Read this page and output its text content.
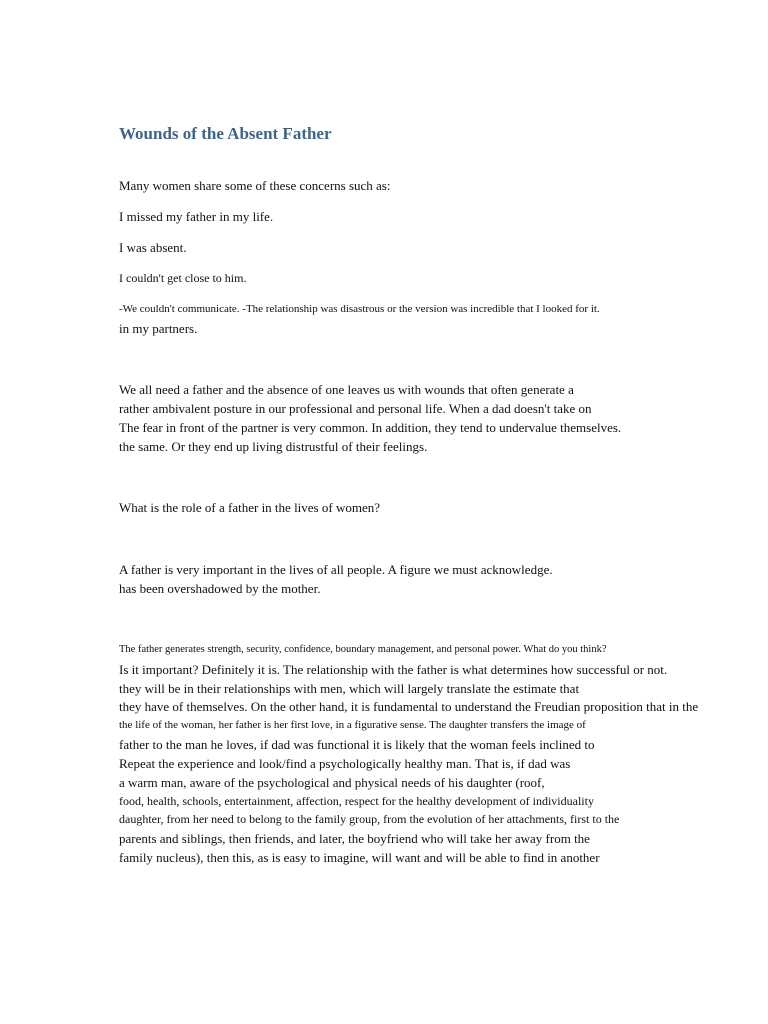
Wounds of the Absent Father
Many women share some of these concerns such as:
I missed my father in my life.
I was absent.
I couldn't get close to him.
-We couldn't communicate. -The relationship was disastrous or the version was incredible that I looked for it.
in my partners.
We all need a father and the absence of one leaves us with wounds that often generate a
rather ambivalent posture in our professional and personal life. When a dad doesn't take on
The fear in front of the partner is very common. In addition, they tend to undervalue themselves.
the same. Or they end up living distrustful of their feelings.
What is the role of a father in the lives of women?
A father is very important in the lives of all people. A figure we must acknowledge.
has been overshadowed by the mother.
The father generates strength, security, confidence, boundary management, and personal power. What do you think?
Is it important? Definitely it is. The relationship with the father is what determines how successful or not.
they will be in their relationships with men, which will largely translate the estimate that
they have of themselves. On the other hand, it is fundamental to understand the Freudian proposition that in the
the life of the woman, her father is her first love, in a figurative sense. The daughter transfers the image of
father to the man he loves, if dad was functional it is likely that the woman feels inclined to
Repeat the experience and look/find a psychologically healthy man. That is, if dad was
a warm man, aware of the psychological and physical needs of his daughter (roof,
food, health, schools, entertainment, affection, respect for the healthy development of individuality
daughter, from her need to belong to the family group, from the evolution of her attachments, first to the
parents and siblings, then friends, and later, the boyfriend who will take her away from the
family nucleus), then this, as is easy to imagine, will want and will be able to find in another
